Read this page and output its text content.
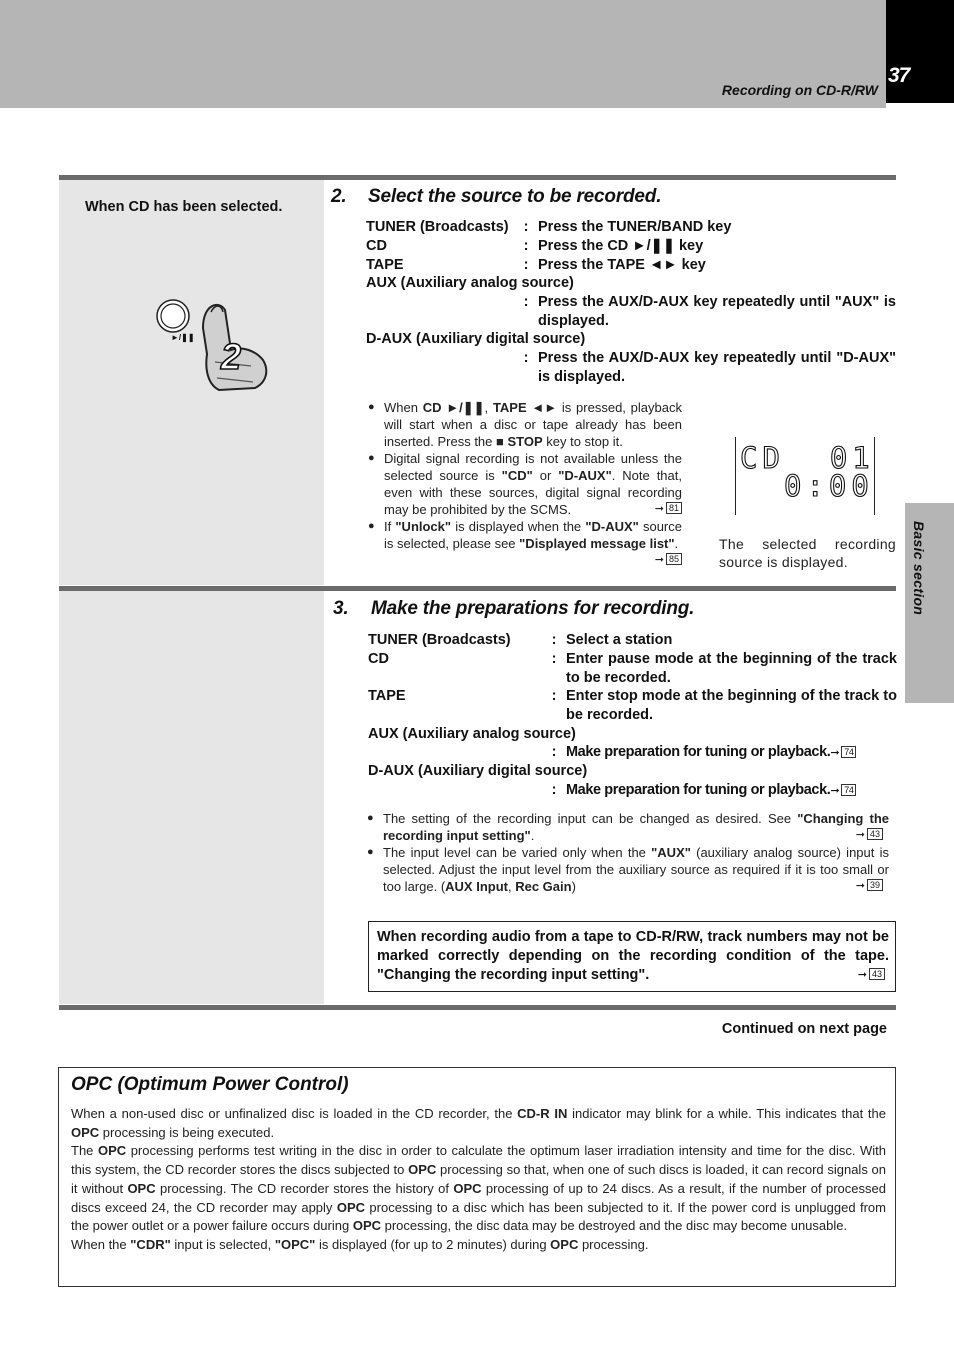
37
Recording on CD-R/RW
Basic section
When CD has been selected.
►/❚❚ 2
2. Select the source to be recorded.
TUNER (Broadcasts) : Press the TUNER/BAND key
CD	: Press the CD ►/❚❚ key
TAPE	: Press the TAPE ◄► key
AUX (Auxiliary analog source)
: Press the AUX/D-AUX key repeatedly until "AUX" is displayed.
D-AUX (Auxiliary digital source)
: Press the AUX/D-AUX key repeatedly until "D-AUX" is displayed.
● When CD ►/❚❚, TAPE ◄► is pressed, playback will start when a disc or tape already has been inserted. Press the ■ STOP key to stop it.
● Digital signal recording is not available unless the selected source is "CD" or "D-AUX". Note that, even with these sources, digital signal recording may be prohibited by the SCMS.	➞ 81
● If "Unlock" is displayed when the "D-AUX" source is selected, please see "Displayed message list".
➞ 85
CD  01
0:00
The selected recording source is displayed.
3. Make the preparations for recording.
TUNER (Broadcasts)	: Select a station
CD	: Enter pause mode at the beginning of the track to be recorded.
TAPE	: Enter stop mode at the beginning of the track to be recorded.
AUX (Auxiliary analog source)
: Make preparation for tuning or playback.➞ 74
D-AUX (Auxiliary digital source)
: Make preparation for tuning or playback.➞ 74
● The setting of the recording input can be changed as desired. See "Changing the recording input setting".	➞ 43
● The input level can be varied only when the "AUX" (auxiliary analog source) input is selected. Adjust the input level from the auxiliary source as required if it is too small or too large. (AUX Input, Rec Gain)	➞ 39
When recording audio from a tape to CD-R/RW, track numbers may not be marked correctly depending on the recording condition of the tape. "Changing the recording input setting".	➞ 43
Continued on next page
OPC (Optimum Power Control)
When a non-used disc or unfinalized disc is loaded in the CD recorder, the CD-R IN indicator may blink for a while. This indicates that the OPC processing is being executed.
The OPC processing performs test writing in the disc in order to calculate the optimum laser irradiation intensity and time for the disc. With this system, the CD recorder stores the discs subjected to OPC processing so that, when one of such discs is loaded, it can record signals on it without OPC processing. The CD recorder stores the history of OPC processing of up to 24 discs. As a result, if the number of processed discs exceed 24, the CD recorder may apply OPC processing to a disc which has been subjected to it. If the power cord is unplugged from the power outlet or a power failure occurs during OPC processing, the disc data may be destroyed and the disc may become unusable.
When the "CDR" input is selected, "OPC" is displayed (for up to 2 minutes) during OPC processing.
